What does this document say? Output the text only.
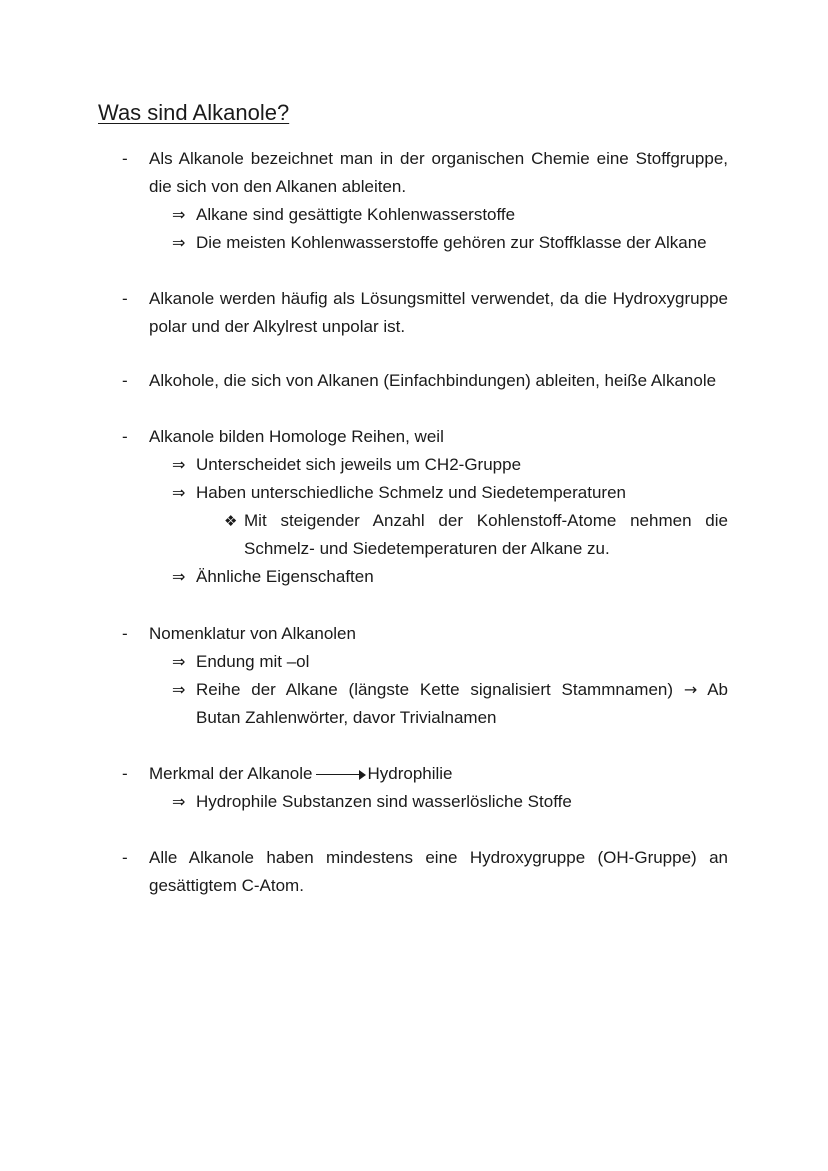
Was sind Alkanole?
- Als Alkanole bezeichnet man in der organischen Chemie eine Stoffgruppe, die sich von den Alkanen ableiten.
⇒ Alkane sind gesättigte Kohlenwasserstoffe
⇒ Die meisten Kohlenwasserstoffe gehören zur Stoffklasse der Alkane
- Alkanole werden häufig als Lösungsmittel verwendet, da die Hydroxygruppe polar und der Alkylrest unpolar ist.
- Alkohole, die sich von Alkanen (Einfachbindungen) ableiten, heiße Alkanole
- Alkanole bilden Homologe Reihen, weil
⇒ Unterscheidet sich jeweils um CH2-Gruppe
⇒ Haben unterschiedliche Schmelz und Siedetemperaturen
❖ Mit steigender Anzahl der Kohlenstoff-Atome nehmen die Schmelz- und Siedetemperaturen der Alkane zu.
⇒ Ähnliche Eigenschaften
- Nomenklatur von Alkanolen
⇒ Endung mit –ol
⇒ Reihe der Alkane (längste Kette signalisiert Stammnamen) → Ab Butan Zahlenwörter, davor Trivialnamen
- Merkmal der Alkanole	Hydrophilie
⇒ Hydrophile Substanzen sind wasserlösliche Stoffe
- Alle Alkanole haben mindestens eine Hydroxygruppe (OH-Gruppe) an gesättigtem C-Atom.
